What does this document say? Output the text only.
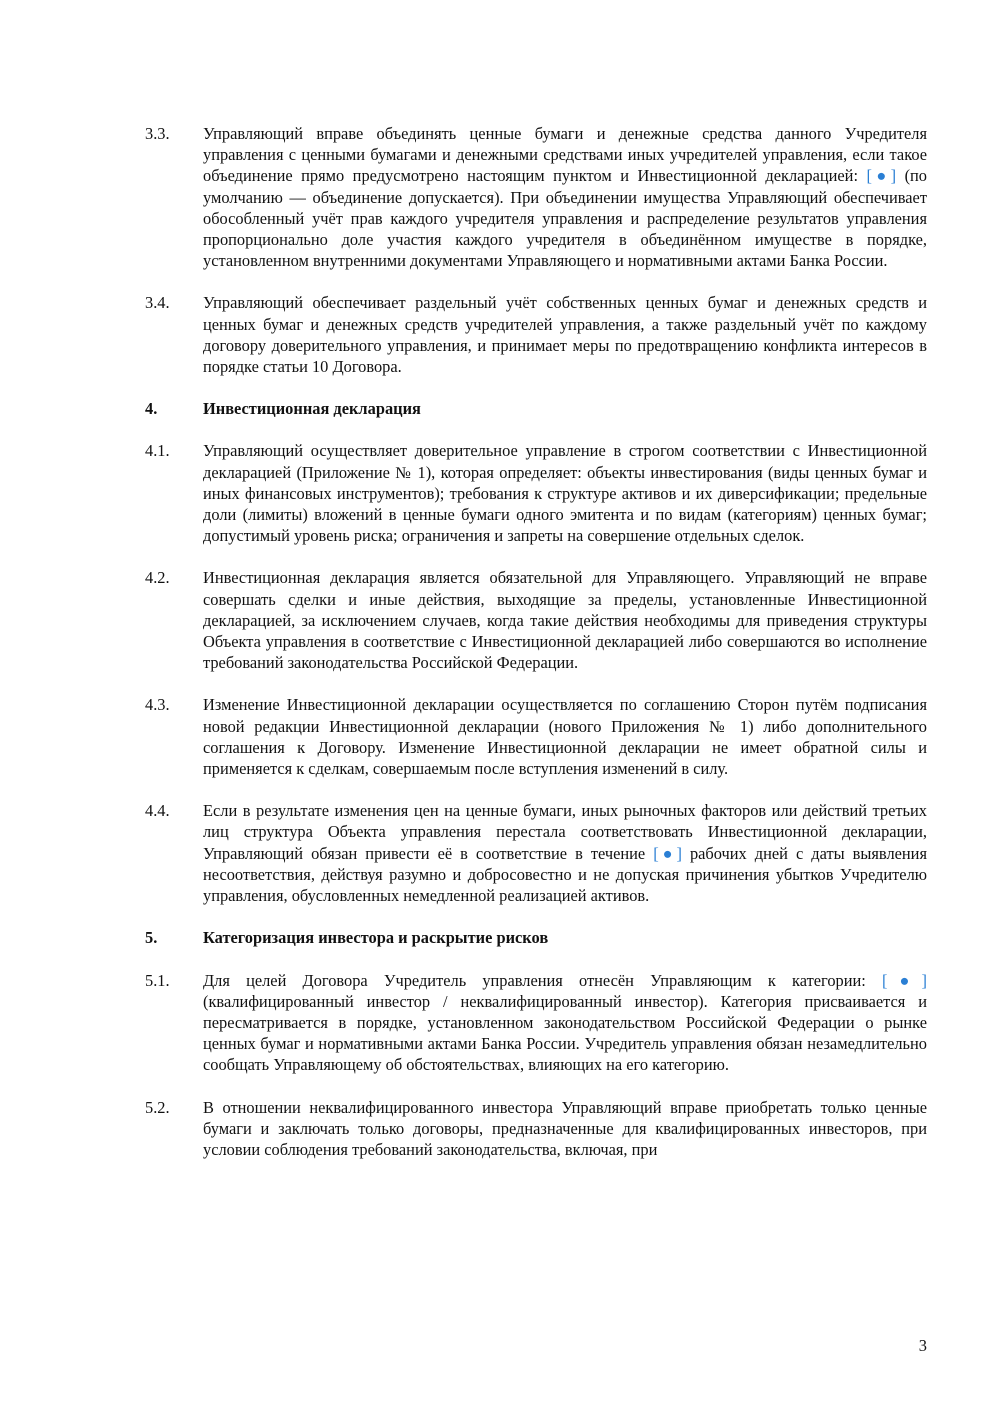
3.3.	Управляющий вправе объединять ценные бумаги и денежные средства данного Учредителя управления с ценными бумагами и денежными средствами иных учредителей управления, если такое объединение прямо предусмотрено настоящим пунктом и Инвестиционной декларацией: [●] (по умолчанию — объединение допускается). При объединении имущества Управляющий обеспечивает обособленный учёт прав каждого учредителя управления и распределение результатов управления пропорционально доле участия каждого учредителя в объединённом имуществе в порядке, установленном внутренними документами Управляющего и нормативными актами Банка России.
3.4.	Управляющий обеспечивает раздельный учёт собственных ценных бумаг и денежных средств и ценных бумаг и денежных средств учредителей управления, а также раздельный учёт по каждому договору доверительного управления, и принимает меры по предотвращению конфликта интересов в порядке статьи 10 Договора.
4.	Инвестиционная декларация
4.1.	Управляющий осуществляет доверительное управление в строгом соответствии с Инвестиционной декларацией (Приложение № 1), которая определяет: объекты инвестирования (виды ценных бумаг и иных финансовых инструментов); требования к структуре активов и их диверсификации; предельные доли (лимиты) вложений в ценные бумаги одного эмитента и по видам (категориям) ценных бумаг; допустимый уровень риска; ограничения и запреты на совершение отдельных сделок.
4.2.	Инвестиционная декларация является обязательной для Управляющего. Управляющий не вправе совершать сделки и иные действия, выходящие за пределы, установленные Инвестиционной декларацией, за исключением случаев, когда такие действия необходимы для приведения структуры Объекта управления в соответствие с Инвестиционной декларацией либо совершаются во исполнение требований законодательства Российской Федерации.
4.3.	Изменение Инвестиционной декларации осуществляется по соглашению Сторон путём подписания новой редакции Инвестиционной декларации (нового Приложения № 1) либо дополнительного соглашения к Договору. Изменение Инвестиционной декларации не имеет обратной силы и применяется к сделкам, совершаемым после вступления изменений в силу.
4.4.	Если в результате изменения цен на ценные бумаги, иных рыночных факторов или действий третьих лиц структура Объекта управления перестала соответствовать Инвестиционной декларации, Управляющий обязан привести её в соответствие в течение [●] рабочих дней с даты выявления несоответствия, действуя разумно и добросовестно и не допуская причинения убытков Учредителю управления, обусловленных немедленной реализацией активов.
5.	Категоризация инвестора и раскрытие рисков
5.1.	Для целей Договора Учредитель управления отнесён Управляющим к категории: [●] (квалифицированный инвестор / неквалифицированный инвестор). Категория присваивается и пересматривается в порядке, установленном законодательством Российской Федерации о рынке ценных бумаг и нормативными актами Банка России. Учредитель управления обязан незамедлительно сообщать Управляющему об обстоятельствах, влияющих на его категорию.
5.2.	В отношении неквалифицированного инвестора Управляющий вправе приобретать только ценные бумаги и заключать только договоры, предназначенные для квалифицированных инвесторов, при условии соблюдения требований законодательства, включая, при
3
